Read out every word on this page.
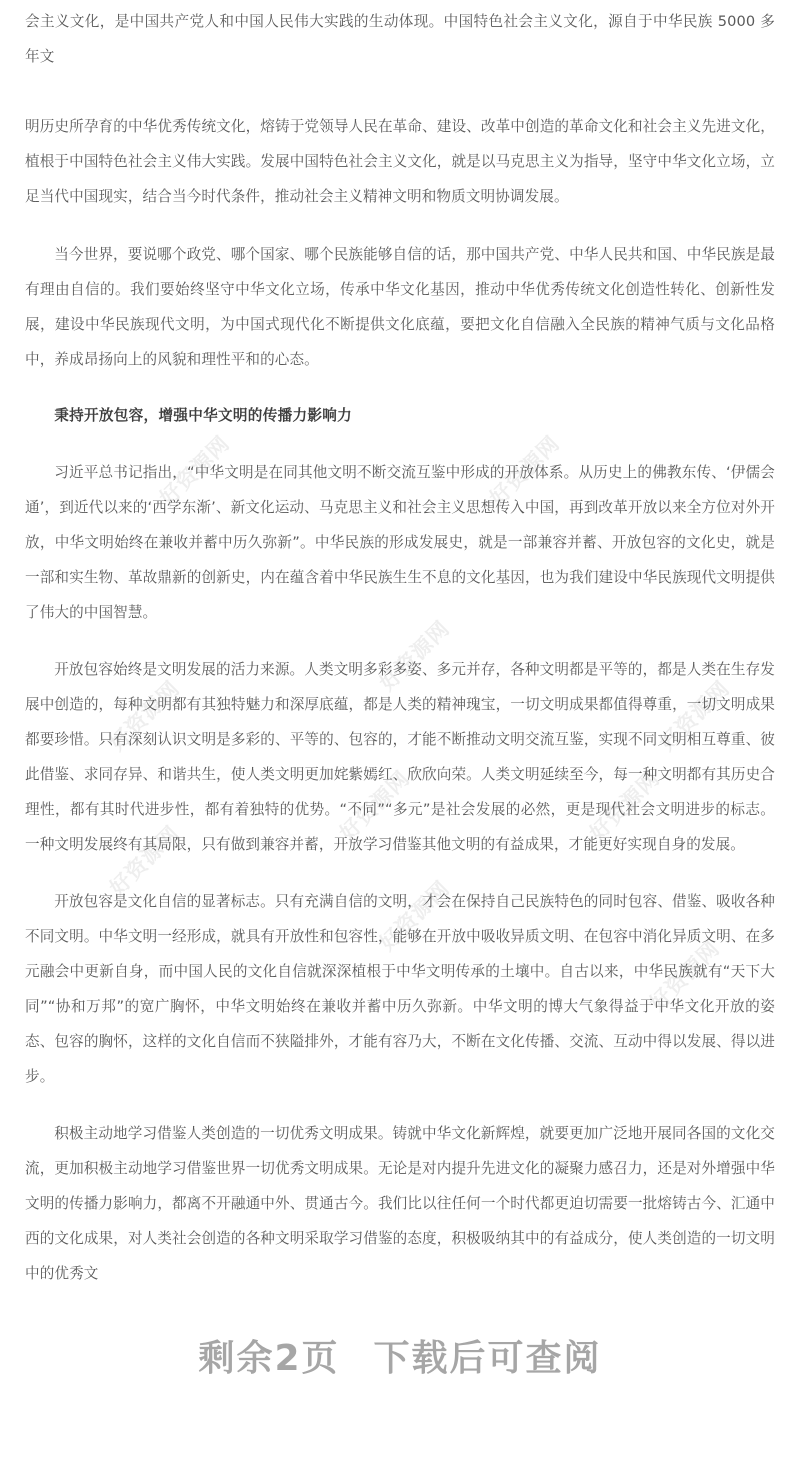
好资源网	好资源网
好资源网
好资源网	好资源网
好资源网
好资源网	好资源网
好资源网
好资源网

会主义文化，是中国共产党人和中国人民伟大实践的生动体现。中国特色社会主义文化，源自于中华民族 5000 多年文

明历史所孕育的中华优秀传统文化，熔铸于党领导人民在革命、建设、改革中创造的革命文化和社会主义先进文化，植根于中国特色社会主义伟大实践。发展中国特色社会主义文化，就是以马克思主义为指导，坚守中华文化立场，立足当代中国现实，结合当今时代条件，推动社会主义精神文明和物质文明协调发展。

当今世界，要说哪个政党、哪个国家、哪个民族能够自信的话，那中国共产党、中华人民共和国、中华民族是最有理由自信的。我们要始终坚守中华文化立场，传承中华文化基因，推动中华优秀传统文化创造性转化、创新性发展，建设中华民族现代文明，为中国式现代化不断提供文化底蕴，要把文化自信融入全民族的精神气质与文化品格中，养成昂扬向上的风貌和理性平和的心态。

秉持开放包容，增强中华文明的传播力影响力

习近平总书记指出，“中华文明是在同其他文明不断交流互鉴中形成的开放体系。从历史上的佛教东传、‘伊儒会通’，到近代以来的‘西学东渐’、新文化运动、马克思主义和社会主义思想传入中国，再到改革开放以来全方位对外开放，中华文明始终在兼收并蓄中历久弥新”。中华民族的形成发展史，就是一部兼容并蓄、开放包容的文化史，就是一部和实生物、革故鼎新的创新史，内在蕴含着中华民族生生不息的文化基因，也为我们建设中华民族现代文明提供了伟大的中国智慧。

开放包容始终是文明发展的活力来源。人类文明多彩多姿、多元并存，各种文明都是平等的，都是人类在生存发展中创造的，每种文明都有其独特魅力和深厚底蕴，都是人类的精神瑰宝，一切文明成果都值得尊重，一切文明成果都要珍惜。只有深刻认识文明是多彩的、平等的、包容的，才能不断推动文明交流互鉴，实现不同文明相互尊重、彼此借鉴、求同存异、和谐共生，使人类文明更加姹紫嫣红、欣欣向荣。人类文明延续至今，每一种文明都有其历史合理性，都有其时代进步性，都有着独特的优势。“不同”“多元”是社会发展的必然，更是现代社会文明进步的标志。一种文明发展终有其局限，只有做到兼容并蓄，开放学习借鉴其他文明的有益成果，才能更好实现自身的发展。

开放包容是文化自信的显著标志。只有充满自信的文明，才会在保持自己民族特色的同时包容、借鉴、吸收各种不同文明。中华文明一经形成，就具有开放性和包容性，能够在开放中吸收异质文明、在包容中消化异质文明、在多元融会中更新自身，而中国人民的文化自信就深深植根于中华文明传承的土壤中。自古以来，中华民族就有“天下大同”“协和万邦”的宽广胸怀，中华文明始终在兼收并蓄中历久弥新。中华文明的博大气象得益于中华文化开放的姿态、包容的胸怀，这样的文化自信而不狭隘排外，才能有容乃大，不断在文化传播、交流、互动中得以发展、得以进步。

积极主动地学习借鉴人类创造的一切优秀文明成果。铸就中华文化新辉煌，就要更加广泛地开展同各国的文化交流，更加积极主动地学习借鉴世界一切优秀文明成果。无论是对内提升先进文化的凝聚力感召力，还是对外增强中华文明的传播力影响力，都离不开融通中外、贯通古今。我们比以往任何一个时代都更迫切需要一批熔铸古今、汇通中西的文化成果，对人类社会创造的各种文明采取学习借鉴的态度，积极吸纳其中的有益成分，使人类创造的一切文明中的优秀文

剩余2页 下载后可查阅
